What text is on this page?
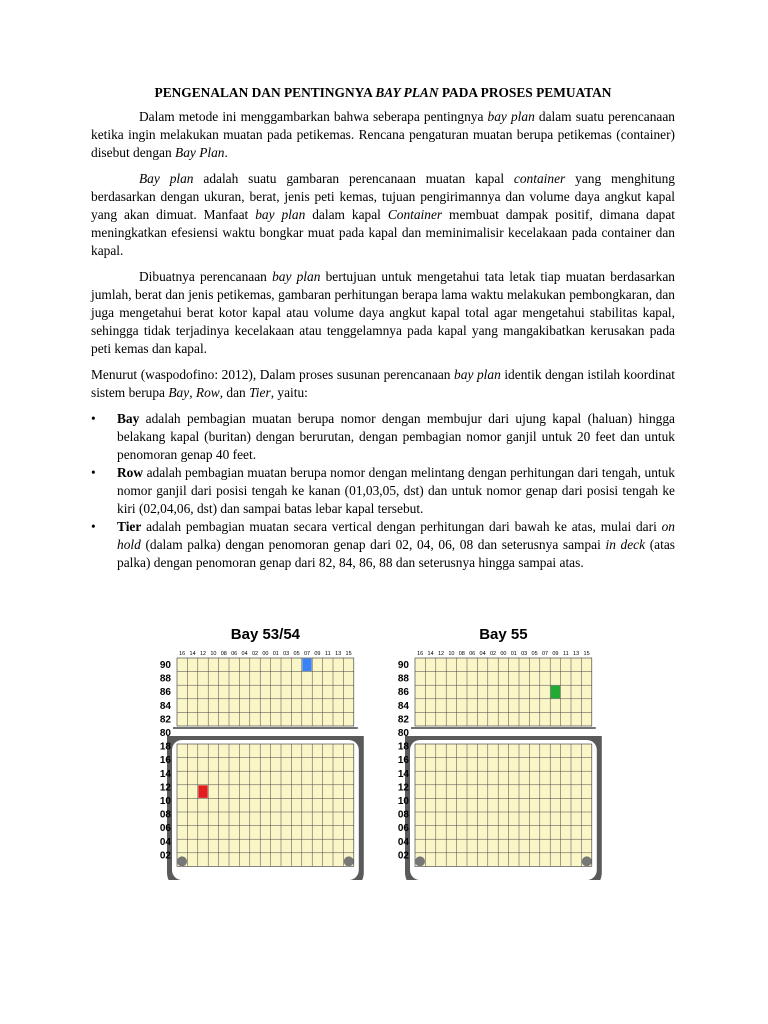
PENGENALAN DAN PENTINGNYA BAY PLAN PADA PROSES PEMUATAN

Dalam metode ini menggambarkan bahwa seberapa pentingnya bay plan dalam suatu perencanaan ketika ingin melakukan muatan pada petikemas. Rencana pengaturan muatan berupa petikemas (container) disebut dengan Bay Plan.

Bay plan adalah suatu gambaran perencanaan muatan kapal container yang menghitung berdasarkan dengan ukuran, berat, jenis peti kemas, tujuan pengirimannya dan volume daya angkut kapal yang akan dimuat. Manfaat bay plan dalam kapal Container membuat dampak positif, dimana dapat meningkatkan efesiensi waktu bongkar muat pada kapal dan meminimalisir kecelakaan pada container dan kapal.

Dibuatnya perencanaan bay plan bertujuan untuk mengetahui tata letak tiap muatan berdasarkan jumlah, berat dan jenis petikemas, gambaran perhitungan berapa lama waktu melakukan pembongkaran, dan juga mengetahui berat kotor kapal atau volume daya angkut kapal total agar mengetahui stabilitas kapal, sehingga tidak terjadinya kecelakaan atau tenggelamnya pada kapal yang mangakibatkan kerusakan pada peti kemas dan kapal.

Menurut (waspodofino: 2012), Dalam proses susunan perencanaan bay plan identik dengan istilah koordinat sistem berupa Bay, Row, dan Tier, yaitu:

• Bay adalah pembagian muatan berupa nomor dengan membujur dari ujung kapal (haluan) hingga belakang kapal (buritan) dengan berurutan, dengan pembagian nomor ganjil untuk 20 feet dan untuk penomoran genap 40 feet.
• Row adalah pembagian muatan berupa nomor dengan melintang dengan perhitungan dari tengah, untuk nomor ganjil dari posisi tengah ke kanan (01,03,05, dst) dan untuk nomor genap dari posisi tengah ke kiri (02,04,06, dst) dan sampai batas lebar kapal tersebut.
• Tier adalah pembagian muatan secara vertical dengan perhitungan dari bawah ke atas, mulai dari on hold (dalam palka) dengan penomoran genap dari 02, 04, 06, 08 dan seterusnya sampai in deck (atas palka) dengan penomoran genap dari 82, 84, 86, 88 dan seterusnya hingga sampai atas.
Bay 53/54
16 14 12 10 08 06 04 02 00 01 03 05 07 09 11 13 15
90
88
86
84
82
80
18
16
14
12
10
08
06
04
02
Bay 55
16 14 12 10 08 06 04 02 00 01 03 05 07 09 11 13 15
90
88
86
84
82
80
18
16
14
12
10
08
06
04
02
